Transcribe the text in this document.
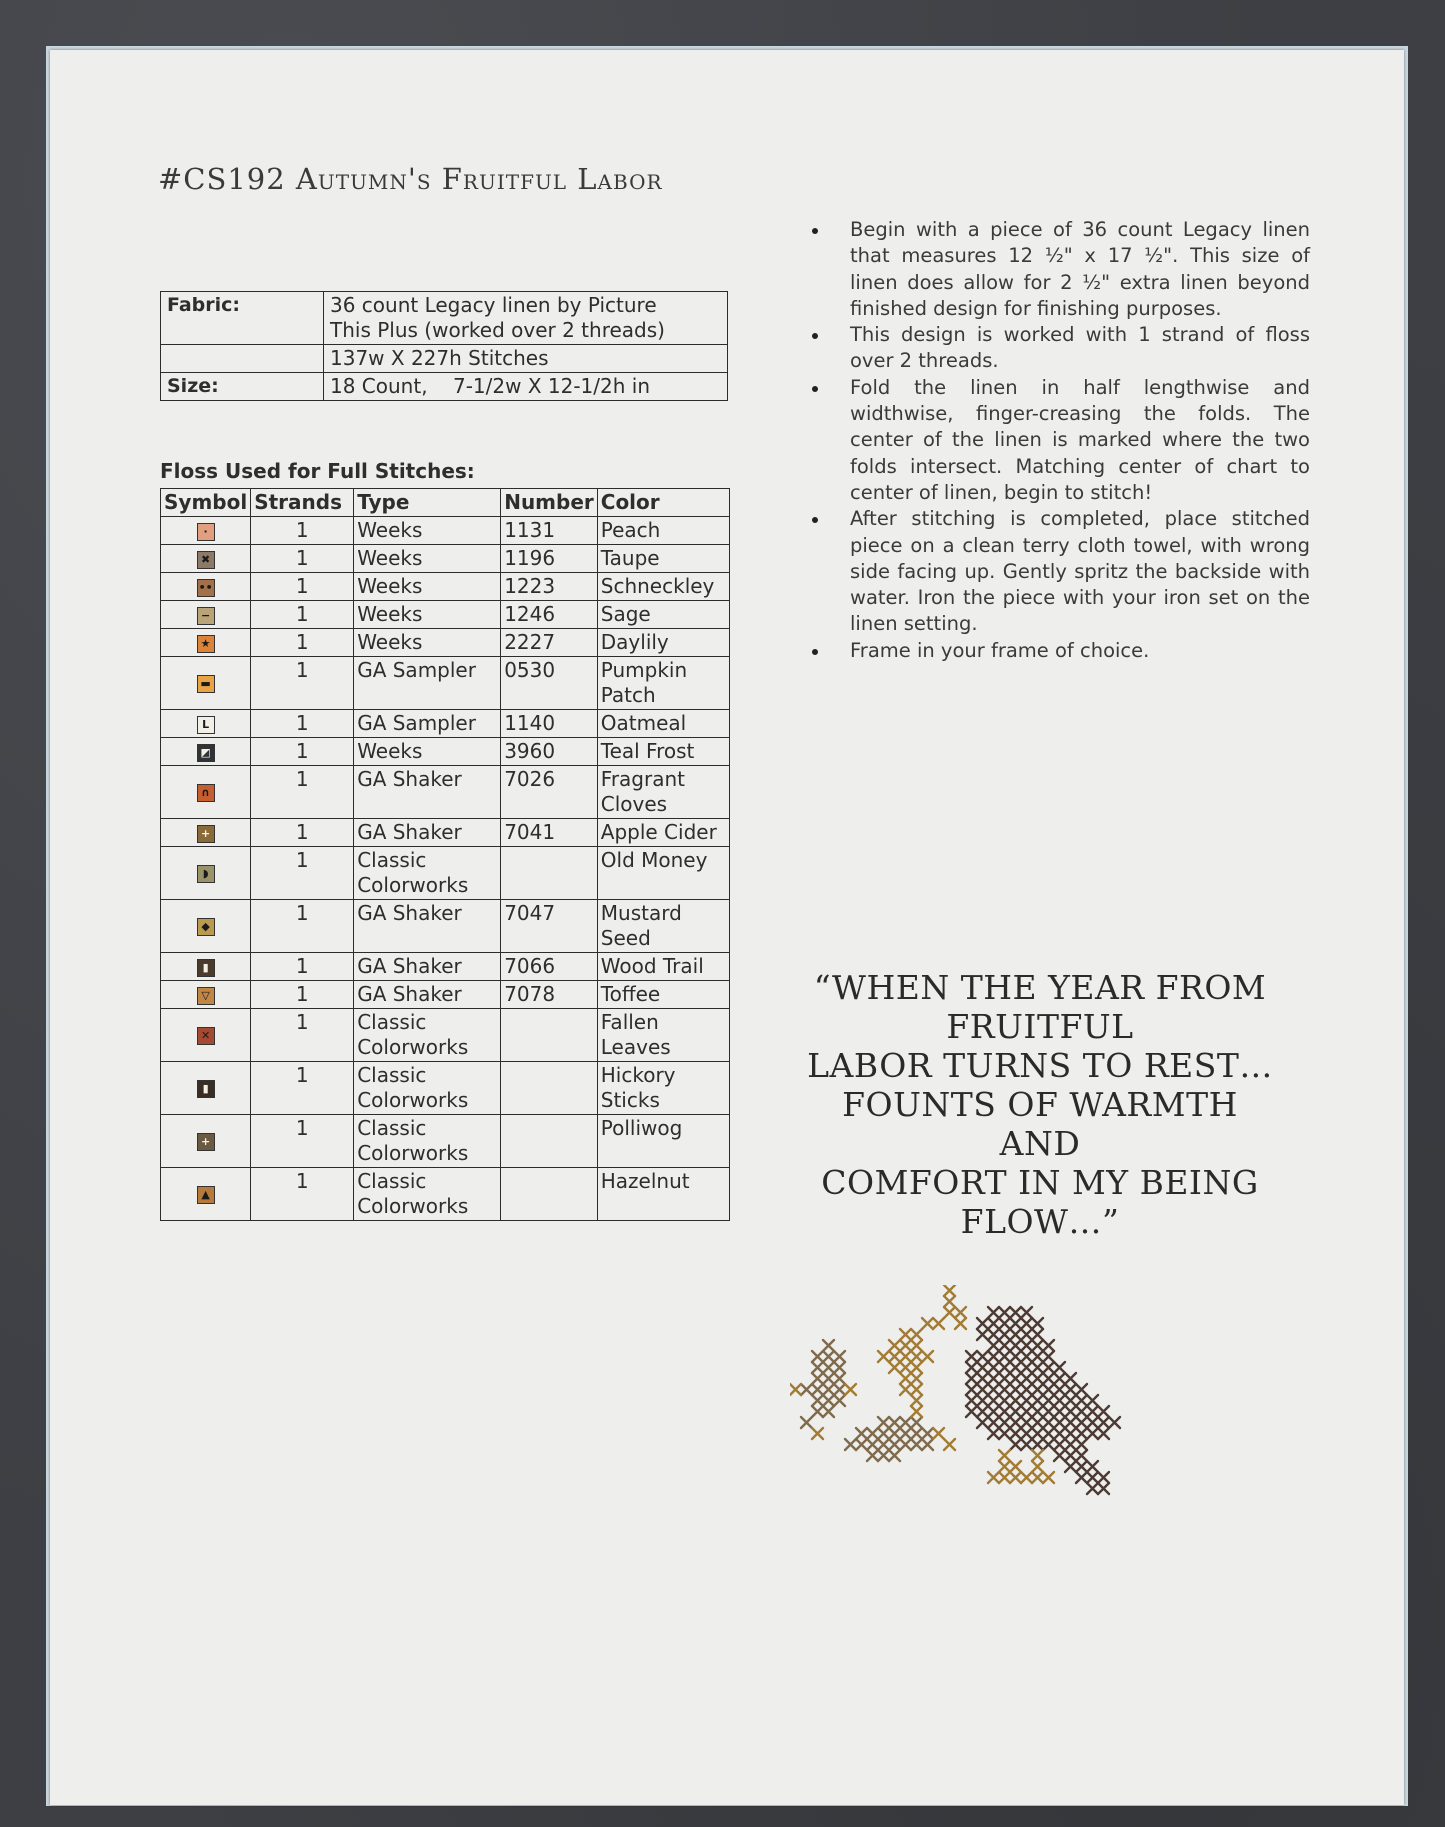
#CS192 Autumn's Fruitful Labor
Fabric:	36 count Legacy linen by Picture
This Plus (worked over 2 threads)

	137w X 227h Stitches
Size:	18 Count,    7-1/2w X 12-1/2h in
Floss Used for Full Stitches:
Symbol	Strands	Type	Number	Color
·	1	Weeks	1131	Peach
✖	1	Weeks	1196	Taupe
••	1	Weeks	1223	Schneckley
−	1	Weeks	1246	Sage
★	1	Weeks	2227	Daylily
▬	1	GA Sampler	0530	Pumpkin Patch
L	1	GA Sampler	1140	Oatmeal
◩	1	Weeks	3960	Teal Frost
∩	1	GA Shaker	7026	Fragrant Cloves
+	1	GA Shaker	7041	Apple Cider
◗	1	Classic Colorworks		Old Money
◆	1	GA Shaker	7047	Mustard Seed
▮	1	GA Shaker	7066	Wood Trail
▽	1	GA Shaker	7078	Toffee
✕	1	Classic Colorworks		Fallen Leaves
▮	1	Classic Colorworks		Hickory Sticks
+	1	Classic Colorworks		Polliwog
▲	1	Classic Colorworks		Hazelnut
Begin with a piece of 36 count Legacy linen that measures 12 ½" x 17 ½". This size of linen does allow for 2 ½" extra linen beyond finished design for finishing purposes.
This design is worked with 1 strand of floss over 2 threads.
Fold the linen in half lengthwise and widthwise, finger-creasing the folds. The center of the linen is marked where the two folds intersect. Matching center of chart to center of linen, begin to stitch!
After stitching is completed, place stitched piece on a clean terry cloth towel, with wrong side facing up. Gently spritz the backside with water. Iron the piece with your iron set on the linen setting.
Frame in your frame of choice.
“WHEN THE YEAR FROM
FRUITFUL
LABOR TURNS TO REST…
FOUNTS OF WARMTH AND
COMFORT IN MY BEING
FLOW…”
